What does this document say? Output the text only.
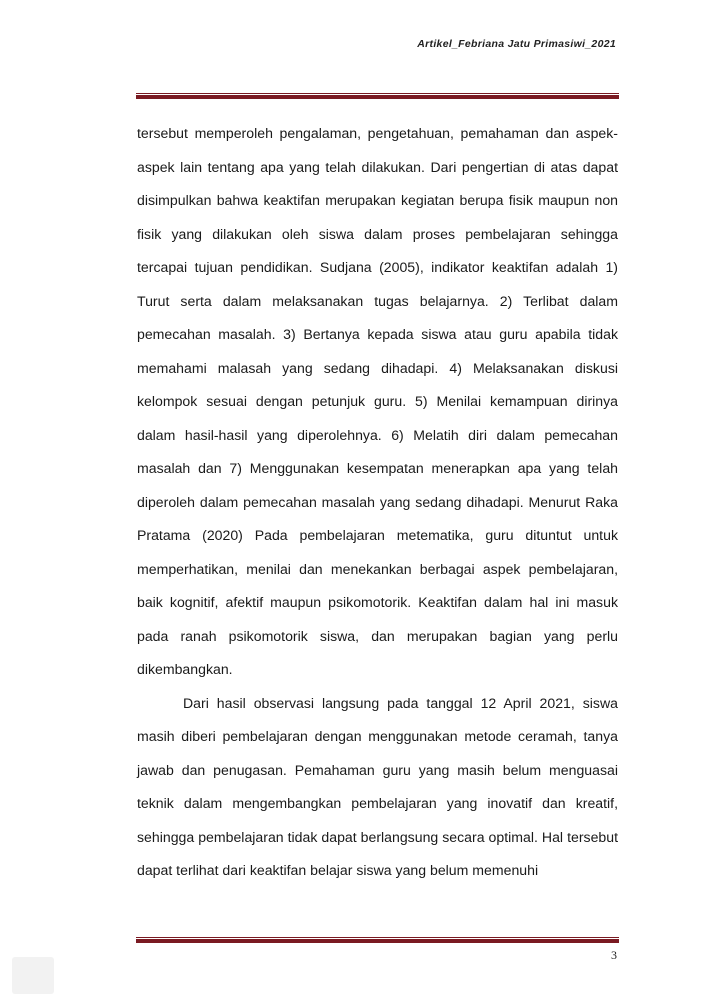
Artikel_Febriana Jatu Primasiwi_2021

tersebut memperoleh pengalaman, pengetahuan, pemahaman dan aspek-aspek lain tentang apa yang telah dilakukan. Dari pengertian di atas dapat disimpulkan bahwa keaktifan merupakan kegiatan berupa fisik maupun non fisik yang dilakukan oleh siswa dalam proses pembelajaran sehingga tercapai tujuan pendidikan. Sudjana (2005), indikator keaktifan adalah 1) Turut serta dalam melaksanakan tugas belajarnya. 2) Terlibat dalam pemecahan masalah. 3) Bertanya kepada siswa atau guru apabila tidak memahami malasah yang sedang dihadapi. 4) Melaksanakan diskusi kelompok sesuai dengan petunjuk guru. 5) Menilai kemampuan dirinya dalam hasil-hasil yang diperolehnya. 6) Melatih diri dalam pemecahan masalah dan 7) Menggunakan kesempatan menerapkan apa yang telah diperoleh dalam pemecahan masalah yang sedang dihadapi. Menurut Raka Pratama (2020) Pada pembelajaran metematika, guru dituntut untuk memperhatikan, menilai dan menekankan berbagai aspek pembelajaran, baik kognitif, afektif maupun psikomotorik. Keaktifan dalam hal ini masuk pada ranah psikomotorik siswa, dan merupakan bagian yang perlu dikembangkan.

Dari hasil observasi langsung pada tanggal 12 April 2021, siswa masih diberi pembelajaran dengan menggunakan metode ceramah, tanya jawab dan penugasan. Pemahaman guru yang masih belum menguasai teknik dalam mengembangkan pembelajaran yang inovatif dan kreatif, sehingga pembelajaran tidak dapat berlangsung secara optimal. Hal tersebut dapat terlihat dari keaktifan belajar siswa yang belum memenuhi

3
